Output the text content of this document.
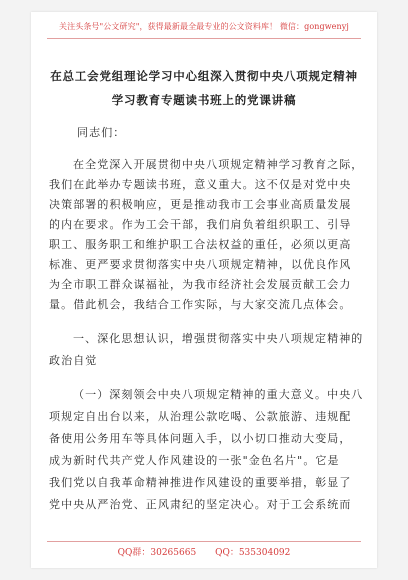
关注头条号"公文研究"，获得最新最全最专业的公文资料库！ 微信：gongwenyj
在总工会党组理论学习中心组深入贯彻中央八项规定精神
学习教育专题读书班上的党课讲稿
同志们：
在全党深入开展贯彻中央八项规定精神学习教育之际，
我们在此举办专题读书班，意义重大。这不仅是对党中央
决策部署的积极响应，更是推动我市工会事业高质量发展
的内在要求。作为工会干部，我们肩负着组织职工、引导
职工、服务职工和维护职工合法权益的重任，必须以更高
标准、更严要求贯彻落实中央八项规定精神，以优良作风
为全市职工群众谋福祉，为我市经济社会发展贡献工会力
量。借此机会，我结合工作实际，与大家交流几点体会。
一、深化思想认识，增强贯彻落实中央八项规定精神的
政治自觉
（一）深刻领会中央八项规定精神的重大意义。中央八
项规定自出台以来，从治理公款吃喝、公款旅游、违规配
备使用公务用车等具体问题入手，以小切口推动大变局，
成为新时代共产党人作风建设的一张"金色名片"。它是
我们党以自我革命精神推进作风建设的重要举措，彰显了
党中央从严治党、正风肃纪的坚定决心。对于工会系统而
QQ群：30265665 QQ：535304092
